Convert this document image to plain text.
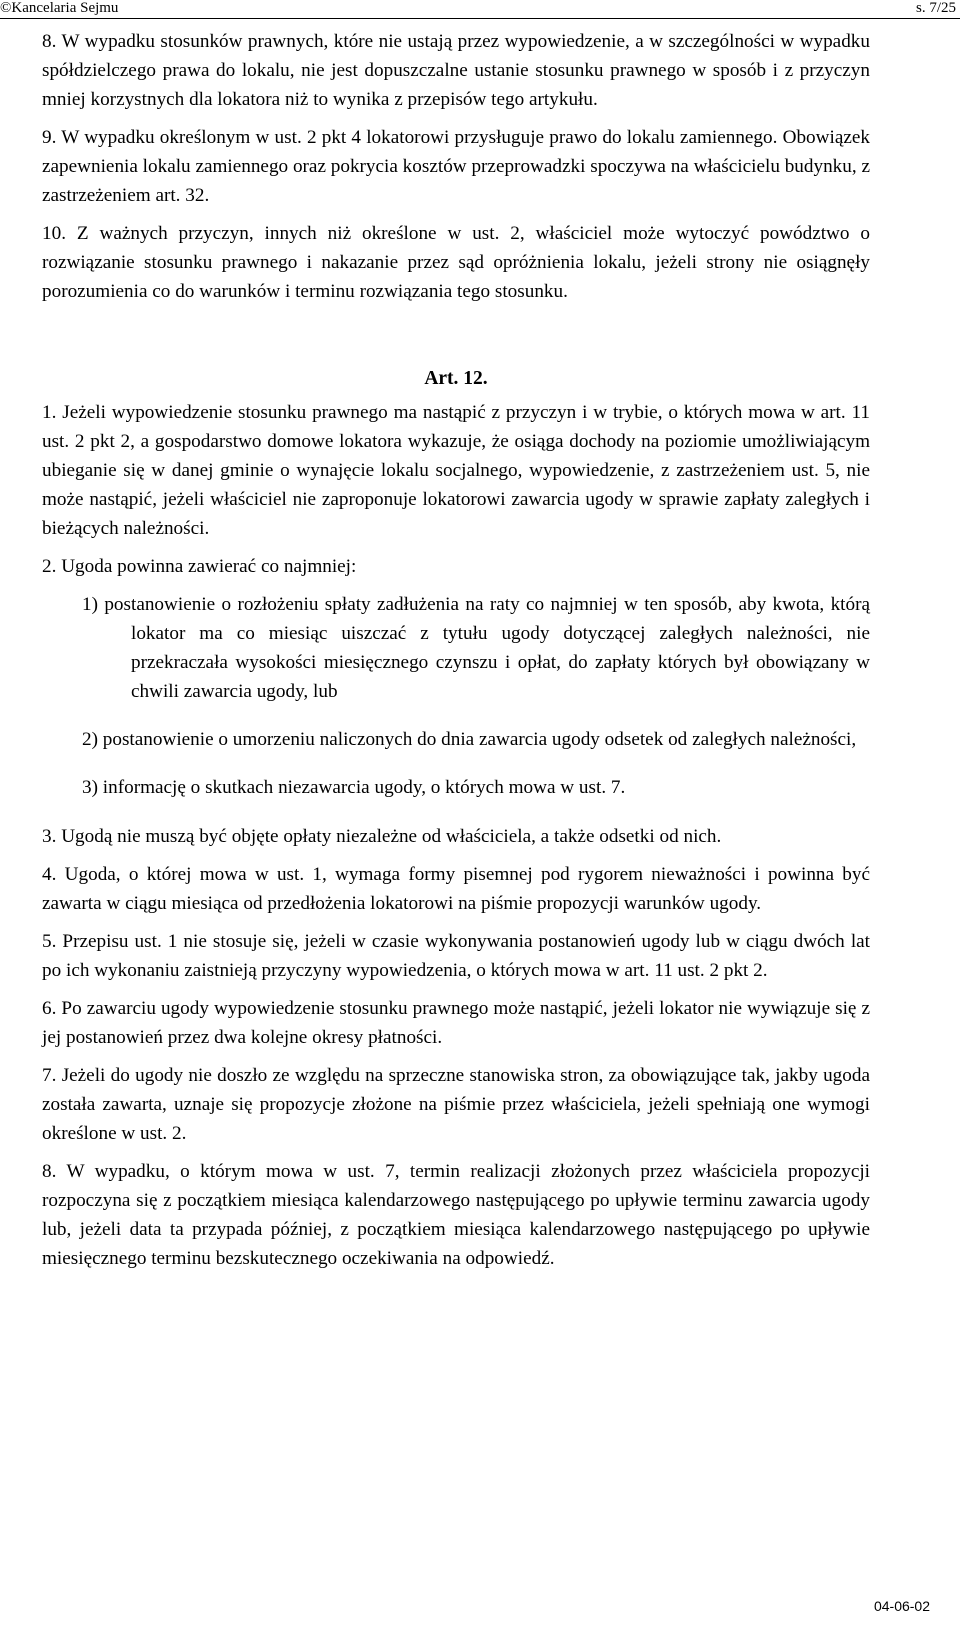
©Kancelaria Sejmu	s. 7/25

8. W wypadku stosunków prawnych, które nie ustają przez wypowiedzenie, a w szczególności w wypadku spółdzielczego prawa do lokalu, nie jest dopuszczalne ustanie stosunku prawnego w sposób i z przyczyn mniej korzystnych dla lokatora niż to wynika z przepisów tego artykułu.

9. W wypadku określonym w ust. 2 pkt 4 lokatorowi przysługuje prawo do lokalu zamiennego. Obowiązek zapewnienia lokalu zamiennego oraz pokrycia kosztów przeprowadzki spoczywa na właścicielu budynku, z zastrzeżeniem art. 32.

10. Z ważnych przyczyn, innych niż określone w ust. 2, właściciel może wytoczyć powództwo o rozwiązanie stosunku prawnego i nakazanie przez sąd opróżnienia lokalu, jeżeli strony nie osiągnęły porozumienia co do warunków i terminu rozwiązania tego stosunku.

Art. 12.

1. Jeżeli wypowiedzenie stosunku prawnego ma nastąpić z przyczyn i w trybie, o których mowa w art. 11 ust. 2 pkt 2, a gospodarstwo domowe lokatora wykazuje, że osiąga dochody na poziomie umożliwiającym ubieganie się w danej gminie o wynajęcie lokalu socjalnego, wypowiedzenie, z zastrzeżeniem ust. 5, nie może nastąpić, jeżeli właściciel nie zaproponuje lokatorowi zawarcia ugody w sprawie zapłaty zaległych i bieżących należności.

2. Ugoda powinna zawierać co najmniej:

1) postanowienie o rozłożeniu spłaty zadłużenia na raty co najmniej w ten sposób, aby kwota, którą lokator ma co miesiąc uiszczać z tytułu ugody dotyczącej zaległych należności, nie przekraczała wysokości miesięcznego czynszu i opłat, do zapłaty których był obowiązany w chwili zawarcia ugody, lub

2) postanowienie o umorzeniu naliczonych do dnia zawarcia ugody odsetek od zaległych należności,

3) informację o skutkach niezawarcia ugody, o których mowa w ust. 7.

3. Ugodą nie muszą być objęte opłaty niezależne od właściciela, a także odsetki od nich.

4. Ugoda, o której mowa w ust. 1, wymaga formy pisemnej pod rygorem nieważności i powinna być zawarta w ciągu miesiąca od przedłożenia lokatorowi na piśmie propozycji warunków ugody.

5. Przepisu ust. 1 nie stosuje się, jeżeli w czasie wykonywania postanowień ugody lub w ciągu dwóch lat po ich wykonaniu zaistnieją przyczyny wypowiedzenia, o których mowa w art. 11 ust. 2 pkt 2.

6. Po zawarciu ugody wypowiedzenie stosunku prawnego może nastąpić, jeżeli lokator nie wywiązuje się z jej postanowień przez dwa kolejne okresy płatności.

7. Jeżeli do ugody nie doszło ze względu na sprzeczne stanowiska stron, za obowiązujące tak, jakby ugoda została zawarta, uznaje się propozycje złożone na piśmie przez właściciela, jeżeli spełniają one wymogi określone w ust. 2.

8. W wypadku, o którym mowa w ust. 7, termin realizacji złożonych przez właściciela propozycji rozpoczyna się z początkiem miesiąca kalendarzowego następującego po upływie terminu zawarcia ugody lub, jeżeli data ta przypada później, z początkiem miesiąca kalendarzowego następującego po upływie miesięcznego terminu bezskutecznego oczekiwania na odpowiedź.

04-06-02
